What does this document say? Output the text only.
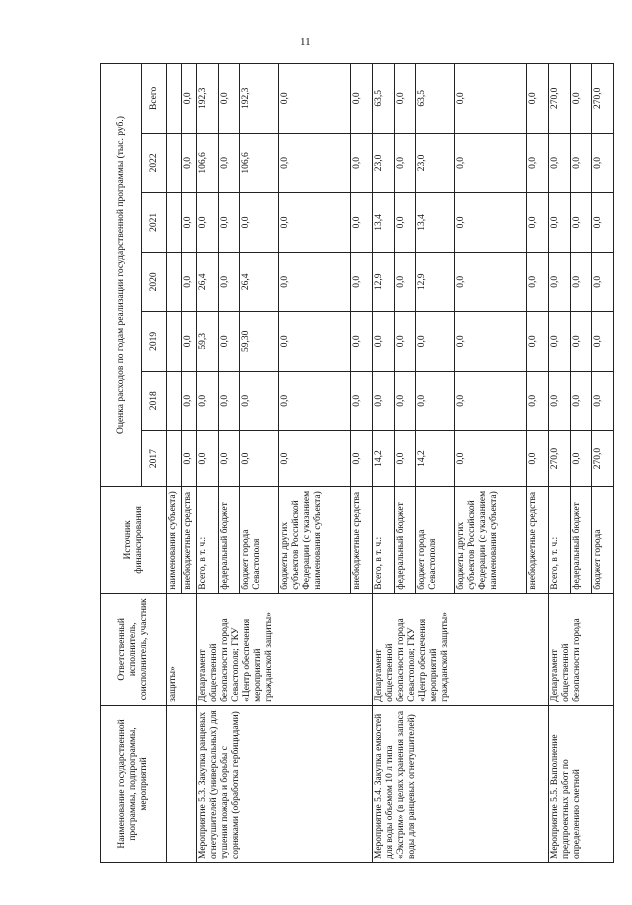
11
Наименование государственной программы, подпрограммы, мероприятий	Ответственный исполнитель, соисполнитель, участник	Источник финансирования	Оценка расходов по годам реализации государственной программы (тыс. руб.)						
			2017	2018	2019	2020	2021	2022	Всего
	защиты»	наименования субъекта)							
		внебюджетные средства	0,0	0,0	0,0	0,0	0,0	0,0	0,0
Мероприятие 5.3. Закупка ранцевых огнетушителей (универсальных) для тушения пожара и борьбы с сорняками (обработка гербицидами)	Департамент общественной безопасности города Севастополя; ГКУ «Центр обеспечения мероприятий гражданской защиты»	Всего, в т. ч.:	0,0	0,0	59,3	26,4	0,0	106,6	192,3
		федеральный бюджет	0,0	0,0	0,0	0,0	0,0	0,0	0,0
		бюджет города Севастополя	0,0	0,0	59,30	26,4	0,0	106,6	192,3
		бюджеты других субъектов Российской Федерации (с указанием наименования субъекта)	0,0	0,0	0,0	0,0	0,0	0,0	0,0
		внебюджетные средства	0,0	0,0	0,0	0,0	0,0	0,0	0,0
Мероприятие 5.4. Закупка емкостей для воды объемом 10 л типа «Экстрим» (в целях хранения запаса воды для ранцевых огнетушителей)	Департамент общественной безопасности города Севастополя; ГКУ «Центр обеспечения мероприятий гражданской защиты»	Всего, в т. ч.:	14,2	0,0	0,0	12,9	13,4	23,0	63,5
		федеральный бюджет	0,0	0,0	0,0	0,0	0,0	0,0	0,0
		бюджет города Севастополя	14,2	0,0	0,0	12,9	13,4	23,0	63,5
		бюджеты других субъектов Российской Федерации (с указанием наименования субъекта)	0,0	0,0	0,0	0,0	0,0	0,0	0,0
		внебюджетные средства	0,0	0,0	0,0	0,0	0,0	0,0	0,0
Мероприятие 5.5. Выполнение предпроектных работ по определению сметной	Департамент общественной безопасности города	Всего, в т. ч.:	270,0	0,0	0,0	0,0	0,0	0,0	270,0
		федеральный бюджет	0,0	0,0	0,0	0,0	0,0	0,0	0,0
		бюджет города	270,0	0,0	0,0	0,0	0,0	0,0	270,0
